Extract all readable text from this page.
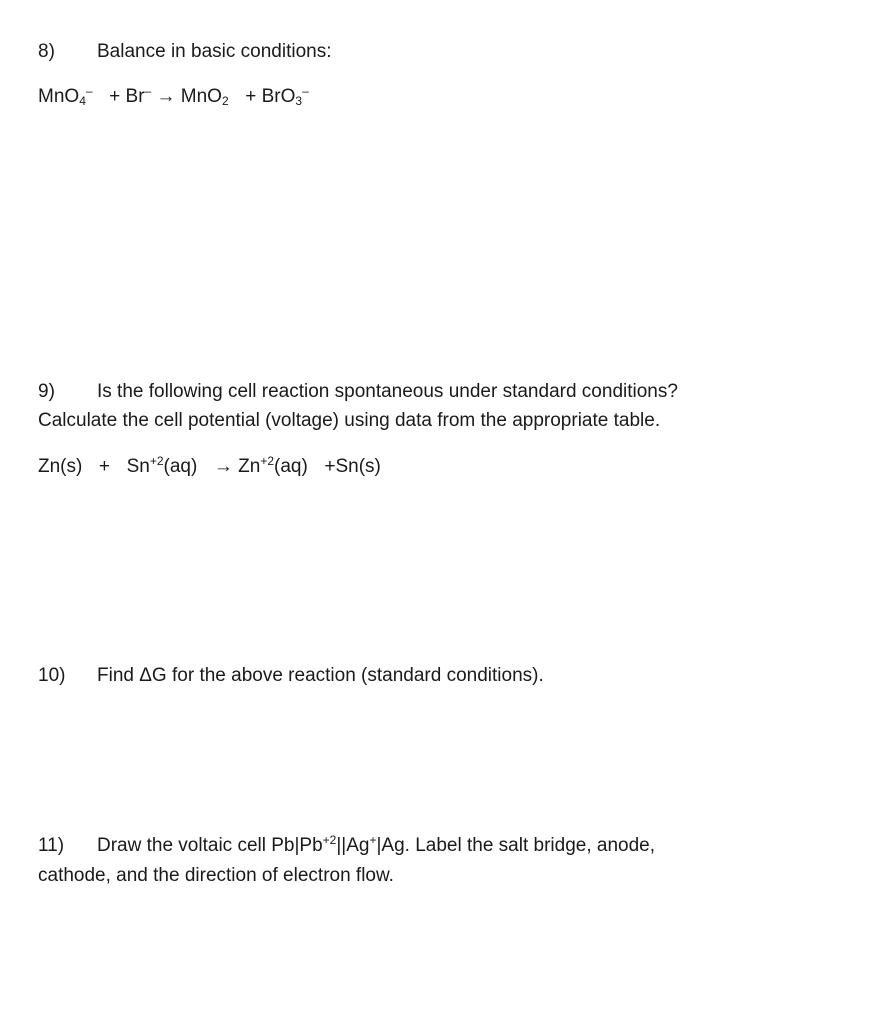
8) Balance in basic conditions:
MnO$_4$– + Br– → MnO$_2$ + BrO$_3$–
9) Is the following cell reaction spontaneous under standard conditions?
Calculate the cell potential (voltage) using data from the appropriate table.
$Zn(s) + Sn^{+2}(aq) \to Zn^{+2}(aq) +Sn(s)$
10) Find ΔG for the above reaction (standard conditions).
11) Draw the voltaic cell $Pb|Pb^{+2}||Ag^+|Ag$. Label the salt bridge, anode,
cathode, and the direction of electron flow.
